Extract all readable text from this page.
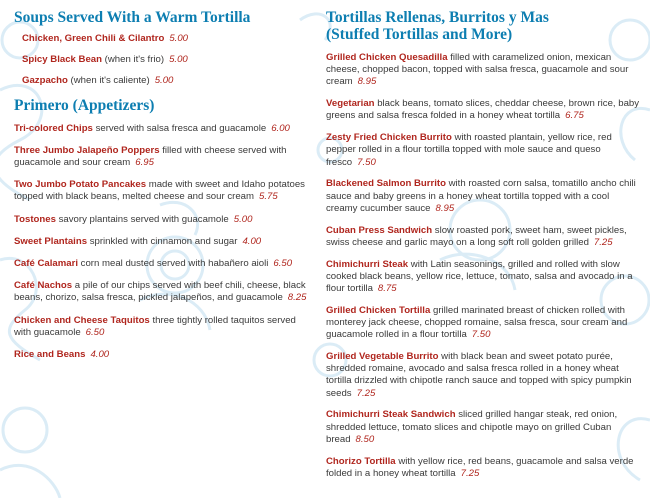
Soups Served With a Warm Tortilla
Chicken, Green Chili & Cilantro 5.00
Spicy Black Bean (when it's frio) 5.00
Gazpacho (when it's caliente) 5.00
Primero (Appetizers)
Tri-colored Chips served with salsa fresca and guacamole 6.00
Three Jumbo Jalapeño Poppers filled with cheese served with guacamole and sour cream 6.95
Two Jumbo Potato Pancakes made with sweet and Idaho potatoes topped with black beans, melted cheese and sour cream 5.75
Tostones savory plantains served with guacamole 5.00
Sweet Plantains sprinkled with cinnamon and sugar 4.00
Café Calamari corn meal dusted served with habañero aioli 6.50
Café Nachos a pile of our chips served with beef chili, cheese, black beans, chorizo, salsa fresca, pickled jalapeños, and guacamole 8.25
Chicken and Cheese Taquitos three tightly rolled taquitos served with guacamole 6.50
Rice and Beans 4.00
Tortillas Rellenas, Burritos y Mas
(Stuffed Tortillas and More)
Grilled Chicken Quesadilla filled with caramelized onion, mexican cheese, chopped bacon, topped with salsa fresca, guacamole and sour cream 8.95
Vegetarian black beans, tomato slices, cheddar cheese, brown rice, baby greens and salsa fresca folded in a honey wheat tortilla 6.75
Zesty Fried Chicken Burrito with roasted plantain, yellow rice, red pepper rolled in a flour tortilla topped with mole sauce and queso fresco 7.50
Blackened Salmon Burrito with roasted corn salsa, tomatillo ancho chili sauce and baby greens in a honey wheat tortilla topped with a cool creamy cucumber sauce 8.95
Cuban Press Sandwich slow roasted pork, sweet ham, sweet pickles, swiss cheese and garlic mayo on a long soft roll golden grilled 7.25
Chimichurri Steak with Latin seasonings, grilled and rolled with slow cooked black beans, yellow rice, lettuce, tomato, salsa and avocado in a flour tortilla 8.75
Grilled Chicken Tortilla grilled marinated breast of chicken rolled with monterey jack cheese, chopped romaine, salsa fresca, sour cream and guacamole rolled in a flour tortilla 7.50
Grilled Vegetable Burrito with black bean and sweet potato purée, shredded romaine, avocado and salsa fresca rolled in a honey wheat tortilla drizzled with chipotle ranch sauce and topped with spicy pumpkin seeds 7.25
Chimichurri Steak Sandwich sliced grilled hangar steak, red onion, shredded lettuce, tomato slices and chipotle mayo on grilled Cuban bread 8.50
Chorizo Tortilla with yellow rice, red beans, guacamole and salsa verde folded in a honey wheat tortilla 7.25
